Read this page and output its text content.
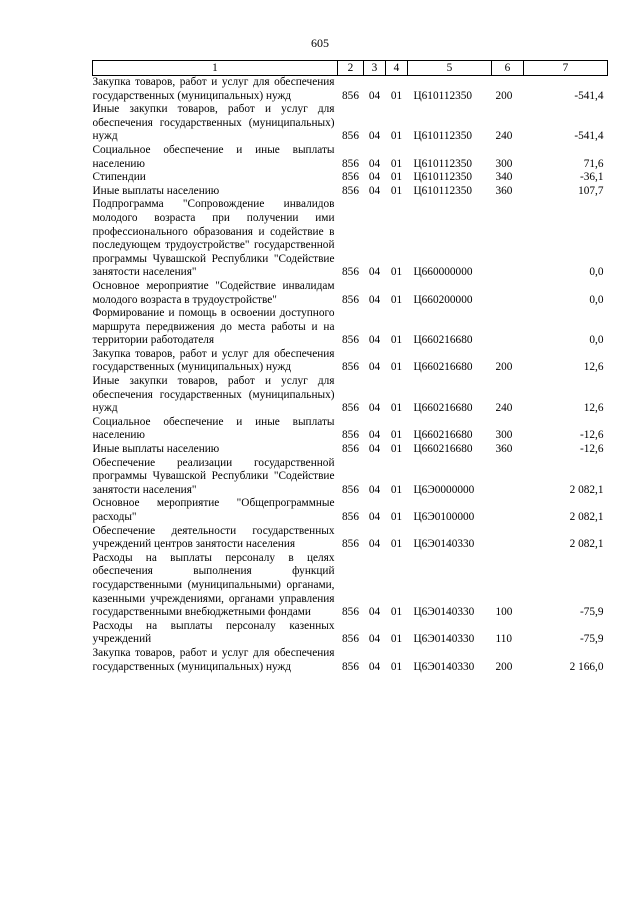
605
1	2	3	4	5	6	7
Закупка товаров, работ и услуг для обеспечения государственных (муниципальных) нужд	856	04	01	Ц610112350	200	-541,4
Иные закупки товаров, работ и услуг для обеспечения государственных (муниципальных) нужд	856	04	01	Ц610112350	240	-541,4
Социальное обеспечение и иные выплаты населению	856	04	01	Ц610112350	300	71,6
Стипендии	856	04	01	Ц610112350	340	-36,1
Иные выплаты населению	856	04	01	Ц610112350	360	107,7
Подпрограмма "Сопровождение инвалидов молодого возраста при получении ими профессионального образования и содействие в последующем трудоустройстве" государственной программы Чувашской Республики "Содействие занятости населения"	856	04	01	Ц660000000		0,0
Основное мероприятие "Содействие инвалидам молодого возраста в трудоустройстве"	856	04	01	Ц660200000		0,0
Формирование и помощь в освоении доступного маршрута передвижения до места работы и на территории работодателя	856	04	01	Ц660216680		0,0
Закупка товаров, работ и услуг для обеспечения государственных (муниципальных) нужд	856	04	01	Ц660216680	200	12,6
Иные закупки товаров, работ и услуг для обеспечения государственных (муниципальных) нужд	856	04	01	Ц660216680	240	12,6
Социальное обеспечение и иные выплаты населению	856	04	01	Ц660216680	300	-12,6
Иные выплаты населению	856	04	01	Ц660216680	360	-12,6
Обеспечение реализации государственной программы Чувашской Республики "Содействие занятости населения"	856	04	01	Ц6Э0000000		2 082,1
Основное мероприятие "Общепрограммные расходы"	856	04	01	Ц6Э0100000		2 082,1
Обеспечение деятельности государственных учреждений центров занятости населения	856	04	01	Ц6Э0140330		2 082,1
Расходы на выплаты персоналу в целях обеспечения выполнения функций государственными (муниципальными) органами, казенными учреждениями, органами управления государственными внебюджетными фондами	856	04	01	Ц6Э0140330	100	-75,9
Расходы на выплаты персоналу казенных учреждений	856	04	01	Ц6Э0140330	110	-75,9
Закупка товаров, работ и услуг для обеспечения государственных (муниципальных) нужд	856	04	01	Ц6Э0140330	200	2 166,0
